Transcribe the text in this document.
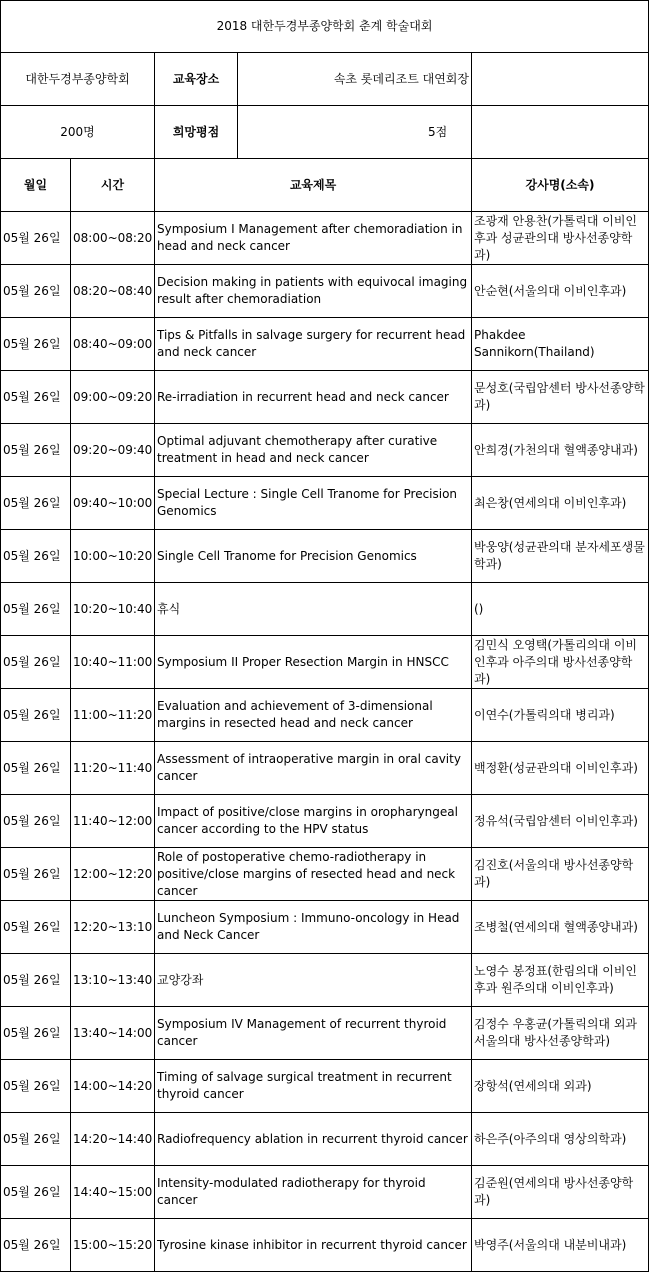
2018 대한두경부종양학회 춘계 학술대회			
대한두경부종양학회		교육장소 속초 롯데리조트 대연회장	

200명		희망평점	5점
월일	시간	교육제목	강사명(소속)
05월 26일	08:00~08:20	Symposium I Management after chemoradiation in head and neck cancer	조광재 안용찬(가톨릭대 이비인후과 성균관의대 방사선종양학과)
05월 26일	08:20~08:40	Decision making in patients with equivocal imaging result after chemoradiation	안순현(서울의대 이비인후과)
05월 26일	08:40~09:00	Tips & Pitfalls in salvage surgery for recurrent head and neck cancer	Phakdee Sannikorn(Thailand)
05월 26일	09:00~09:20	Re-irradiation in recurrent head and neck cancer	문성호(국립암센터 방사선종양학과)
05월 26일	09:20~09:40	Optimal adjuvant chemotherapy after curative treatment in head and neck cancer	안희경(가천의대 혈액종양내과)
05월 26일	09:40~10:00	Special Lecture : Single Cell Tranome for Precision Genomics	최은창(연세의대 이비인후과)
05월 26일	10:00~10:20	Single Cell Tranome for Precision Genomics	박웅양(성균관의대 분자세포생물학과)
05월 26일	10:20~10:40	휴식	()
05월 26일	10:40~11:00	Symposium II Proper Resection Margin in HNSCC	김민식 오영택(가톨리의대 이비인후과 아주의대 방사선종양학과)
05월 26일	11:00~11:20	Evaluation and achievement of 3-dimensional margins in resected head and neck cancer	이연수(가톨릭의대 병리과)
05월 26일	11:20~11:40	Assessment of intraoperative margin in oral cavity cancer	백정환(성균관의대 이비인후과)
05월 26일	11:40~12:00	Impact of positive/close margins in oropharyngeal cancer according to the HPV status	정유석(국립암센터 이비인후과)
05월 26일	12:00~12:20	Role of postoperative chemo-radiotherapy in positive/close margins of resected head and neck cancer	김진호(서울의대 방사선종양학과)
05월 26일	12:20~13:10	Luncheon Symposium : Immuno-oncology in Head and Neck Cancer	조병철(연세의대 혈액종양내과)
05월 26일	13:10~13:40	교양강좌	노영수 봉정표(한림의대 이비인후과 원주의대 이비인후과)
05월 26일	13:40~14:00	Symposium IV Management of recurrent thyroid cancer	김정수 우홍균(가톨릭의대 외과 서울의대 방사선종양학과)
05월 26일	14:00~14:20	Timing of salvage surgical treatment in recurrent thyroid cancer	장항석(연세의대 외과)
05월 26일	14:20~14:40	Radiofrequency ablation in recurrent thyroid cancer	하은주(아주의대 영상의학과)
05월 26일	14:40~15:00	Intensity-modulated radiotherapy for thyroid cancer	김준원(연세의대 방사선종양학과)
05월 26일	15:00~15:20	Tyrosine kinase inhibitor in recurrent thyroid cancer	박영주(서울의대 내분비내과)
